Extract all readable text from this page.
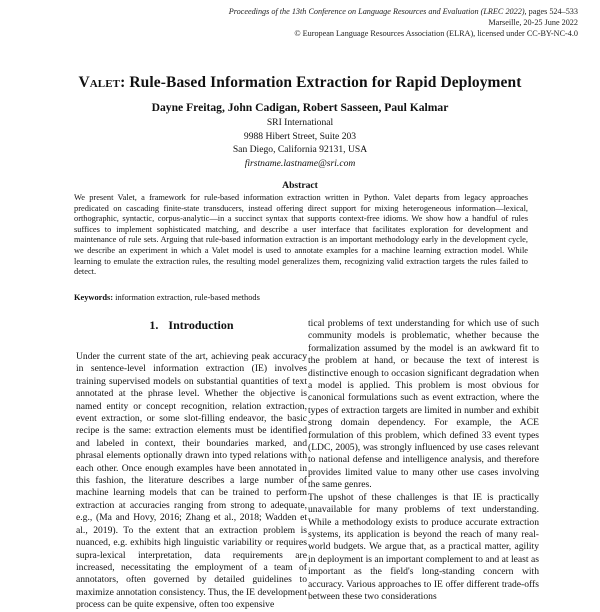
Proceedings of the 13th Conference on Language Resources and Evaluation (LREC 2022), pages 524–533
Marseille, 20-25 June 2022
© European Language Resources Association (ELRA), licensed under CC-BY-NC-4.0
Valet: Rule-Based Information Extraction for Rapid Deployment
Dayne Freitag, John Cadigan, Robert Sasseen, Paul Kalmar
SRI International
9988 Hibert Street, Suite 203
San Diego, California 92131, USA
firstname.lastname@sri.com
Abstract
We present Valet, a framework for rule-based information extraction written in Python. Valet departs from legacy approaches predicated on cascading finite-state transducers, instead offering direct support for mixing heterogeneous information—lexical, orthographic, syntactic, corpus-analytic—in a succinct syntax that supports context-free idioms. We show how a handful of rules suffices to implement sophisticated matching, and describe a user interface that facilitates exploration for development and maintenance of rule sets. Arguing that rule-based information extraction is an important methodology early in the development cycle, we describe an experiment in which a Valet model is used to annotate examples for a machine learning extraction model. While learning to emulate the extraction rules, the resulting model generalizes them, recognizing valid extraction targets the rules failed to detect.
Keywords: information extraction, rule-based methods
1. Introduction

Under the current state of the art, achieving peak accuracy in sentence-level information extraction (IE) involves training supervised models on substantial quantities of text annotated at the phrase level. Whether the objective is named entity or concept recognition, relation extraction, event extraction, or some slot-filling endeavor, the basic recipe is the same: extraction elements must be identified and labeled in context, their boundaries marked, and phrasal elements optionally drawn into typed relations with each other. Once enough examples have been annotated in this fashion, the literature describes a large number of machine learning models that can be trained to perform extraction at accuracies ranging from strong to adequate, e.g., (Ma and Hovy, 2016; Zhang et al., 2018; Wadden et al., 2019). To the extent that an extraction problem is nuanced, e.g. exhibits high linguistic variability or requires supra-lexical interpretation, data requirements are increased, necessitating the employment of a team of annotators, often governed by detailed guidelines to maximize annotation consistency. Thus, the IE development process can be quite expensive, often too expensive

tical problems of text understanding for which use of such community models is problematic, whether because the formalization assumed by the model is an awkward fit to the problem at hand, or because the text of interest is distinctive enough to occasion significant degradation when a model is applied. This problem is most obvious for canonical formulations such as event extraction, where the types of extraction targets are limited in number and exhibit strong domain dependency. For example, the ACE formulation of this problem, which defined 33 event types (LDC, 2005), was strongly influenced by use cases relevant to national defense and intelligence analysis, and therefore provides limited value to many other use cases involving the same genres.

The upshot of these challenges is that IE is practically unavailable for many problems of text understanding. While a methodology exists to produce accurate extraction systems, its application is beyond the reach of many real-world budgets. We argue that, as a practical matter, agility in deployment is an important complement to and at least as important as the field's long-standing concern with accuracy. Various approaches to IE offer different trade-offs between these two considerations
